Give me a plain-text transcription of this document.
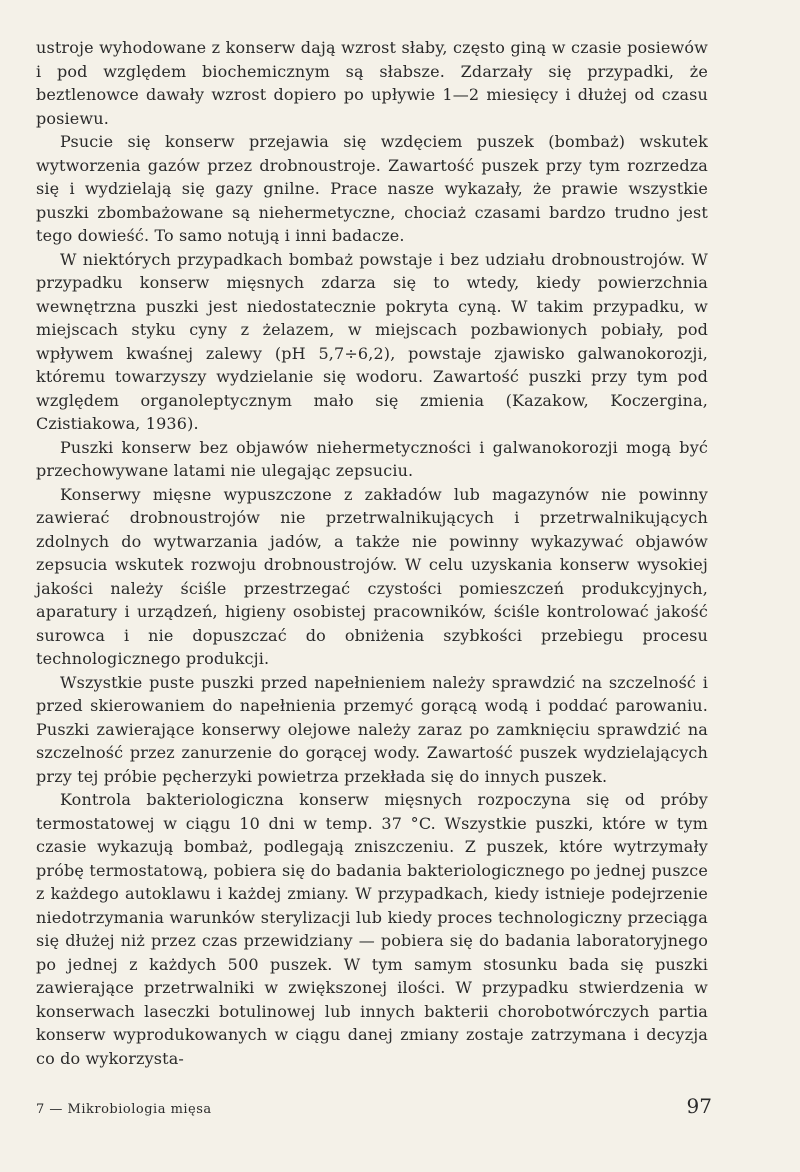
ustroje wyhodowane z konserw dają wzrost słaby, często giną w czasie posiewów i pod względem biochemicznym są słabsze. Zdarzały się przypadki, że beztlenowce dawały wzrost dopiero po upływie 1—2 miesięcy i dłużej od czasu posiewu.

Psucie się konserw przejawia się wzdęciem puszek (bombaż) wskutek wytworzenia gazów przez drobnoustroje. Zawartość puszek przy tym rozrzedza się i wydzielają się gazy gnilne. Prace nasze wykazały, że prawie wszystkie puszki zbombażowane są niehermetyczne, chociaż czasami bardzo trudno jest tego dowieść. To samo notują i inni badacze.

W niektórych przypadkach bombaż powstaje i bez udziału drobnoustrojów. W przypadku konserw mięsnych zdarza się to wtedy, kiedy powierzchnia wewnętrzna puszki jest niedostatecznie pokryta cyną. W takim przypadku, w miejscach styku cyny z żelazem, w miejscach pozbawionych pobiały, pod wpływem kwaśnej zalewy (pH 5,7÷6,2), powstaje zjawisko galwanokorozji, któremu towarzyszy wydzielanie się wodoru. Zawartość puszki przy tym pod względem organoleptycznym mało się zmienia (Kazakow, Koczergina, Czistiakowa, 1936).

Puszki konserw bez objawów niehermetyczności i galwanokorozji mogą być przechowywane latami nie ulegając zepsuciu.

Konserwy mięsne wypuszczone z zakładów lub magazynów nie powinny zawierać drobnoustrojów nie przetrwalnikujących i przetrwalnikujących zdolnych do wytwarzania jadów, a także nie powinny wykazywać objawów zepsucia wskutek rozwoju drobnoustrojów. W celu uzyskania konserw wysokiej jakości należy ściśle przestrzegać czystości pomieszczeń produkcyjnych, aparatury i urządzeń, higieny osobistej pracowników, ściśle kontrolować jakość surowca i nie dopuszczać do obniżenia szybkości przebiegu procesu technologicznego produkcji.

Wszystkie puste puszki przed napełnieniem należy sprawdzić na szczelność i przed skierowaniem do napełnienia przemyć gorącą wodą i poddać parowaniu. Puszki zawierające konserwy olejowe należy zaraz po zamknięciu sprawdzić na szczelność przez zanurzenie do gorącej wody. Zawartość puszek wydzielających przy tej próbie pęcherzyki powietrza przekłada się do innych puszek.

Kontrola bakteriologiczna konserw mięsnych rozpoczyna się od próby termostatowej w ciągu 10 dni w temp. 37 °C. Wszystkie puszki, które w tym czasie wykazują bombaż, podlegają zniszczeniu. Z puszek, które wytrzymały próbę termostatową, pobiera się do badania bakteriologicznego po jednej puszce z każdego autoklawu i każdej zmiany. W przypadkach, kiedy istnieje podejrzenie niedotrzymania warunków sterylizacji lub kiedy proces technologiczny przeciąga się dłużej niż przez czas przewidziany — pobiera się do badania laboratoryjnego po jednej z każdych 500 puszek. W tym samym stosunku bada się puszki zawierające przetrwalniki w zwiększonej ilości. W przypadku stwierdzenia w konserwach laseczki botulinowej lub innych bakterii chorobotwórczych partia konserw wyprodukowanych w ciągu danej zmiany zostaje zatrzymana i decyzja co do wykorzysta-

7 — Mikrobiologia mięsa	97
